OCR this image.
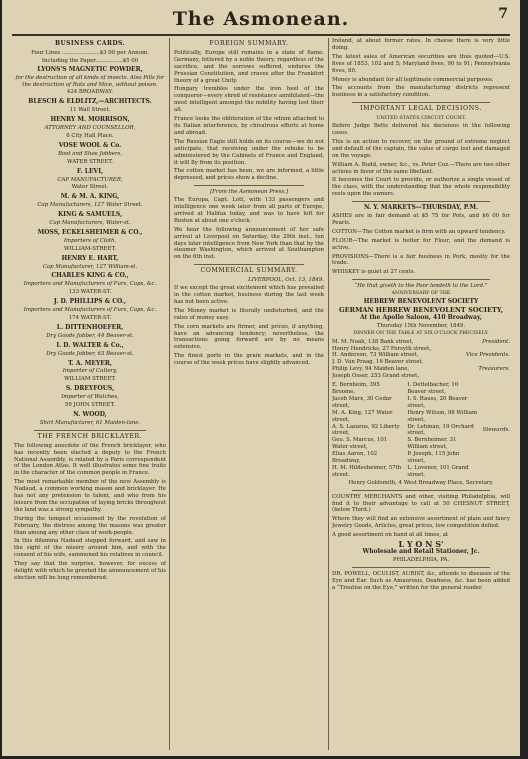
The Asmonean.	7
BUSINESS CARDS.
Four Lines ......................$3 00 per Annum.
Including the Paper................$5 00
LYONS'S MAGNETIC POWDER,
for the destruction of all kinds of insects. Also Pills for the destruction of Rats and Mice, without poison.
424 BROADWAY.
BLESCH & ELDLITZ,—ARCHITECTS.
11 Wall Street.
HENRY M. MORRISON,
ATTORNEY AND COUNSELLOR,
6 City Hall Place.
VOSE WOOL & Co.
Boot and Shoe Jobbers,
WATER STREET.
F. LEVI,
CAP MANUFACTURER,
Water Street.
M. & M. A. KING,
Cap Manufacturers, 127 Water Street.
KING & SAMUELS,
Cap Manufacturers, Water-st.
MOSS, ECKELSHEIMER & CO.,
Importers of Cloth,
WILLIAM-STREET.
HENRY E. HART,
Cap Manufacturer, 127 William-st.
CHARLES KING & CO.,
Importers and Manufacturers of Furs, Caps, &c.
133 WATER-ST.
J. D. PHILLIPS & CO.,
Importers and Manufacturers of Furs, Caps, &c.
174 WATER-ST.
L. DITTENHOEFER,
Dry Goods Jobber, 44 Beaver-st.
I. D. WALTER & Co.,
Dry Goods Jobber, 63 Beaver-st.
T. A. MEYER,
Importer of Cutlery,
WILLIAM STREET.
S. DREYFOUS,
Importer of Watches,
59 JOHN STREET.
N. WOOD,
Shirt Manufacturer, 61 Maiden-lane.
THE FRENCH BRICKLAYER.

The following anecdote of the French bricklayer, who has recently been elected a deputy to the French National Assembly, is related by a Paris correspondent of the London Atlas. It well illustrates some fine traits in the character of the common people in France.

The most remarkable member of the new Assembly is Nadaud, a common working mason and bricklayer. He has not any pretension to talent, and who from his leisure from the occupation of laying bricks throughout the land was a strong sympathy.

During the tempest occasioned by the revolution of February, the distress among the masons was greater than among any other class of work-people.

In this dilemma Nadaud stepped forward, and saw in the sight of the misery around him, and with the consent of his wife, summoned his relatives in council.

They say that the surprise, however, for excess of delight with which he greeted the announcement of his election will be long remembered.

FOREIGN SUMMARY.

Politically, Europe still remains in a state of flame. Germany, fettered by a noble theory, regardless of the sacrifice, and the sorrows suffered, endures the Prussian Constitution, and craves after the Frankfort theory of a great Unity.

Hungary trembles under the iron heel of the conqueror—every shred of resistance annihilated—the most intelligent amongst the nobility having lost their all.

France looks the obliteration of the odium attached to its Italian interference, by chivalrous efforts at home and abroad.

The Russian Eagle still holds on its course—we do not anticipate, that receiving under the rebuke to be administered by the Cabinets of France and England, it will fly from its position.

The cotton market has been, we are informed, a little depressed, and prices show a decline.

[From the Asmonean Press.]

The Europa, Capt. Lott, with 133 passengers and intelligence one week later from all parts of Europe, arrived at Halifax today, and was to have left for Boston at about one o'clock.

We hear the following announcement of her safe arrival at Liverpool on Saturday, the 29th inst., ten days later intelligence from New York than that by the steamer Washington, which arrived at Southampton on the 6th inst.

COMMERCIAL SUMMARY.
LIVERPOOL, Oct. 13, 1849.

If we except the great excitement which has prevailed in the cotton market, business during the last week has not been active.

The Money market is literally undisturbed, and the rates of money easy.

The corn markets are firmer, and prices, if anything, have an advancing tendency; nevertheless, the transactions going forward are by no means extensive.

The finest ports in the grain markets, and in the course of the week prices have slightly advanced.

Ireland, at about former rates. In cheese there is very little doing.

The latest sales of American securities are thus quoted—U.S. fives of 1853, 102 and 5; Maryland fives, 90 to 91; Pennsylvania fives, 80.

Money is abundant for all legitimate commercial purposes.

The accounts from the manufacturing districts represent business in a satisfactory condition.

IMPORTANT LEGAL DECISIONS.
UNITED STATES CIRCUIT COURT.

Before Judge Betts delivered his decisions in the following cases.

This is an action to recover, on the ground of extreme neglect and default of the captain, the value of cargo lost and damaged on the voyage.

William A. Budd, owner, &c., vs. Peter Coz.—There are two other actions in favor of the same libellant.

It becomes the Court to provide, or authorize a single vessel of the class, with the understanding that the whole responsibility rests upon the owners.

N. Y. MARKETS—THURSDAY, P.M.

ASHES are in fair demand at $5 75 for Pots, and $6 00 for Pearls.

COTTON—The Cotton market is firm with an upward tendency.

FLOUR—The market is better for Flour, and the demand is active.

PROVISIONS—There is a fair business in Pork, mostly for the trade.

WHISKEY is quiet at 27 cents.

“He that giveth to the Poor lendeth to the Lord.”
ANNIVERSARY OF THE
HEBREW BENEVOLENT SOCIETY
GERMAN HEBREW BENEVOLENT SOCIETY,
At the Apollo Saloon, 410 Broadway,
Thursday 15th November, 1849.
DINNER ON THE TABLE AT SIX O'CLOCK PRECISELY.
M. M. Noah, 138 Bank street,	President.
Henry Hendricks, 27 Forsyth street,
H. Anderson, 73 William street,	Vice Presidents.
J. D. Van Praag, 16 Beaver street,
Philip Levy, 94 Maiden lane,	Treasurers.
Joseph Osser, 253 Grand street,
E. Bernheim, 395 Broome,
Jacob Marx, 30 Cedar street,
M. A. King, 127 Water street,
A. S. Lazarus, 92 Liberty street,
Geo. S. Marcus, 101 Water street,
Elias Aaron, 102 Broadway,
H. M. Hildesheimer, 57th street.
I. Dettelbacher, 10 Beaver street,
I. S. Rauss, 20 Beaver street,
Henry Wilson, 98 William street,
Dr. Lehman, 19 Orchard street,
S. Bernheimer, 31 William street,
P. Joseph, 115 John street,
L. Lovenor, 101 Grand street.
Stewards.
Henry Goldsmith, 4 West Broadway Place, Secretary.

COUNTRY MERCHANTS and other, visiting Philadelphia, will find it to their advantage to call at 50 CHESNUT STREET, (below Third.)

Where they will find an extensive assortment of plain and fancy Jewelry Goods, Articles, great prices, low competition defied.

A good assortment on hand at all times, at

L Y O N S'
Wholesale and Retail Stationer, Jc.
PHILADELPHIA, PA.

DR. POWELL, OCULIST, AURIST, &c, attends to diseases of the Eye and Ear. Such as Amaurosis, Deafness, &c. has been added a “Treatise on the Eye,” written for the general reader.
